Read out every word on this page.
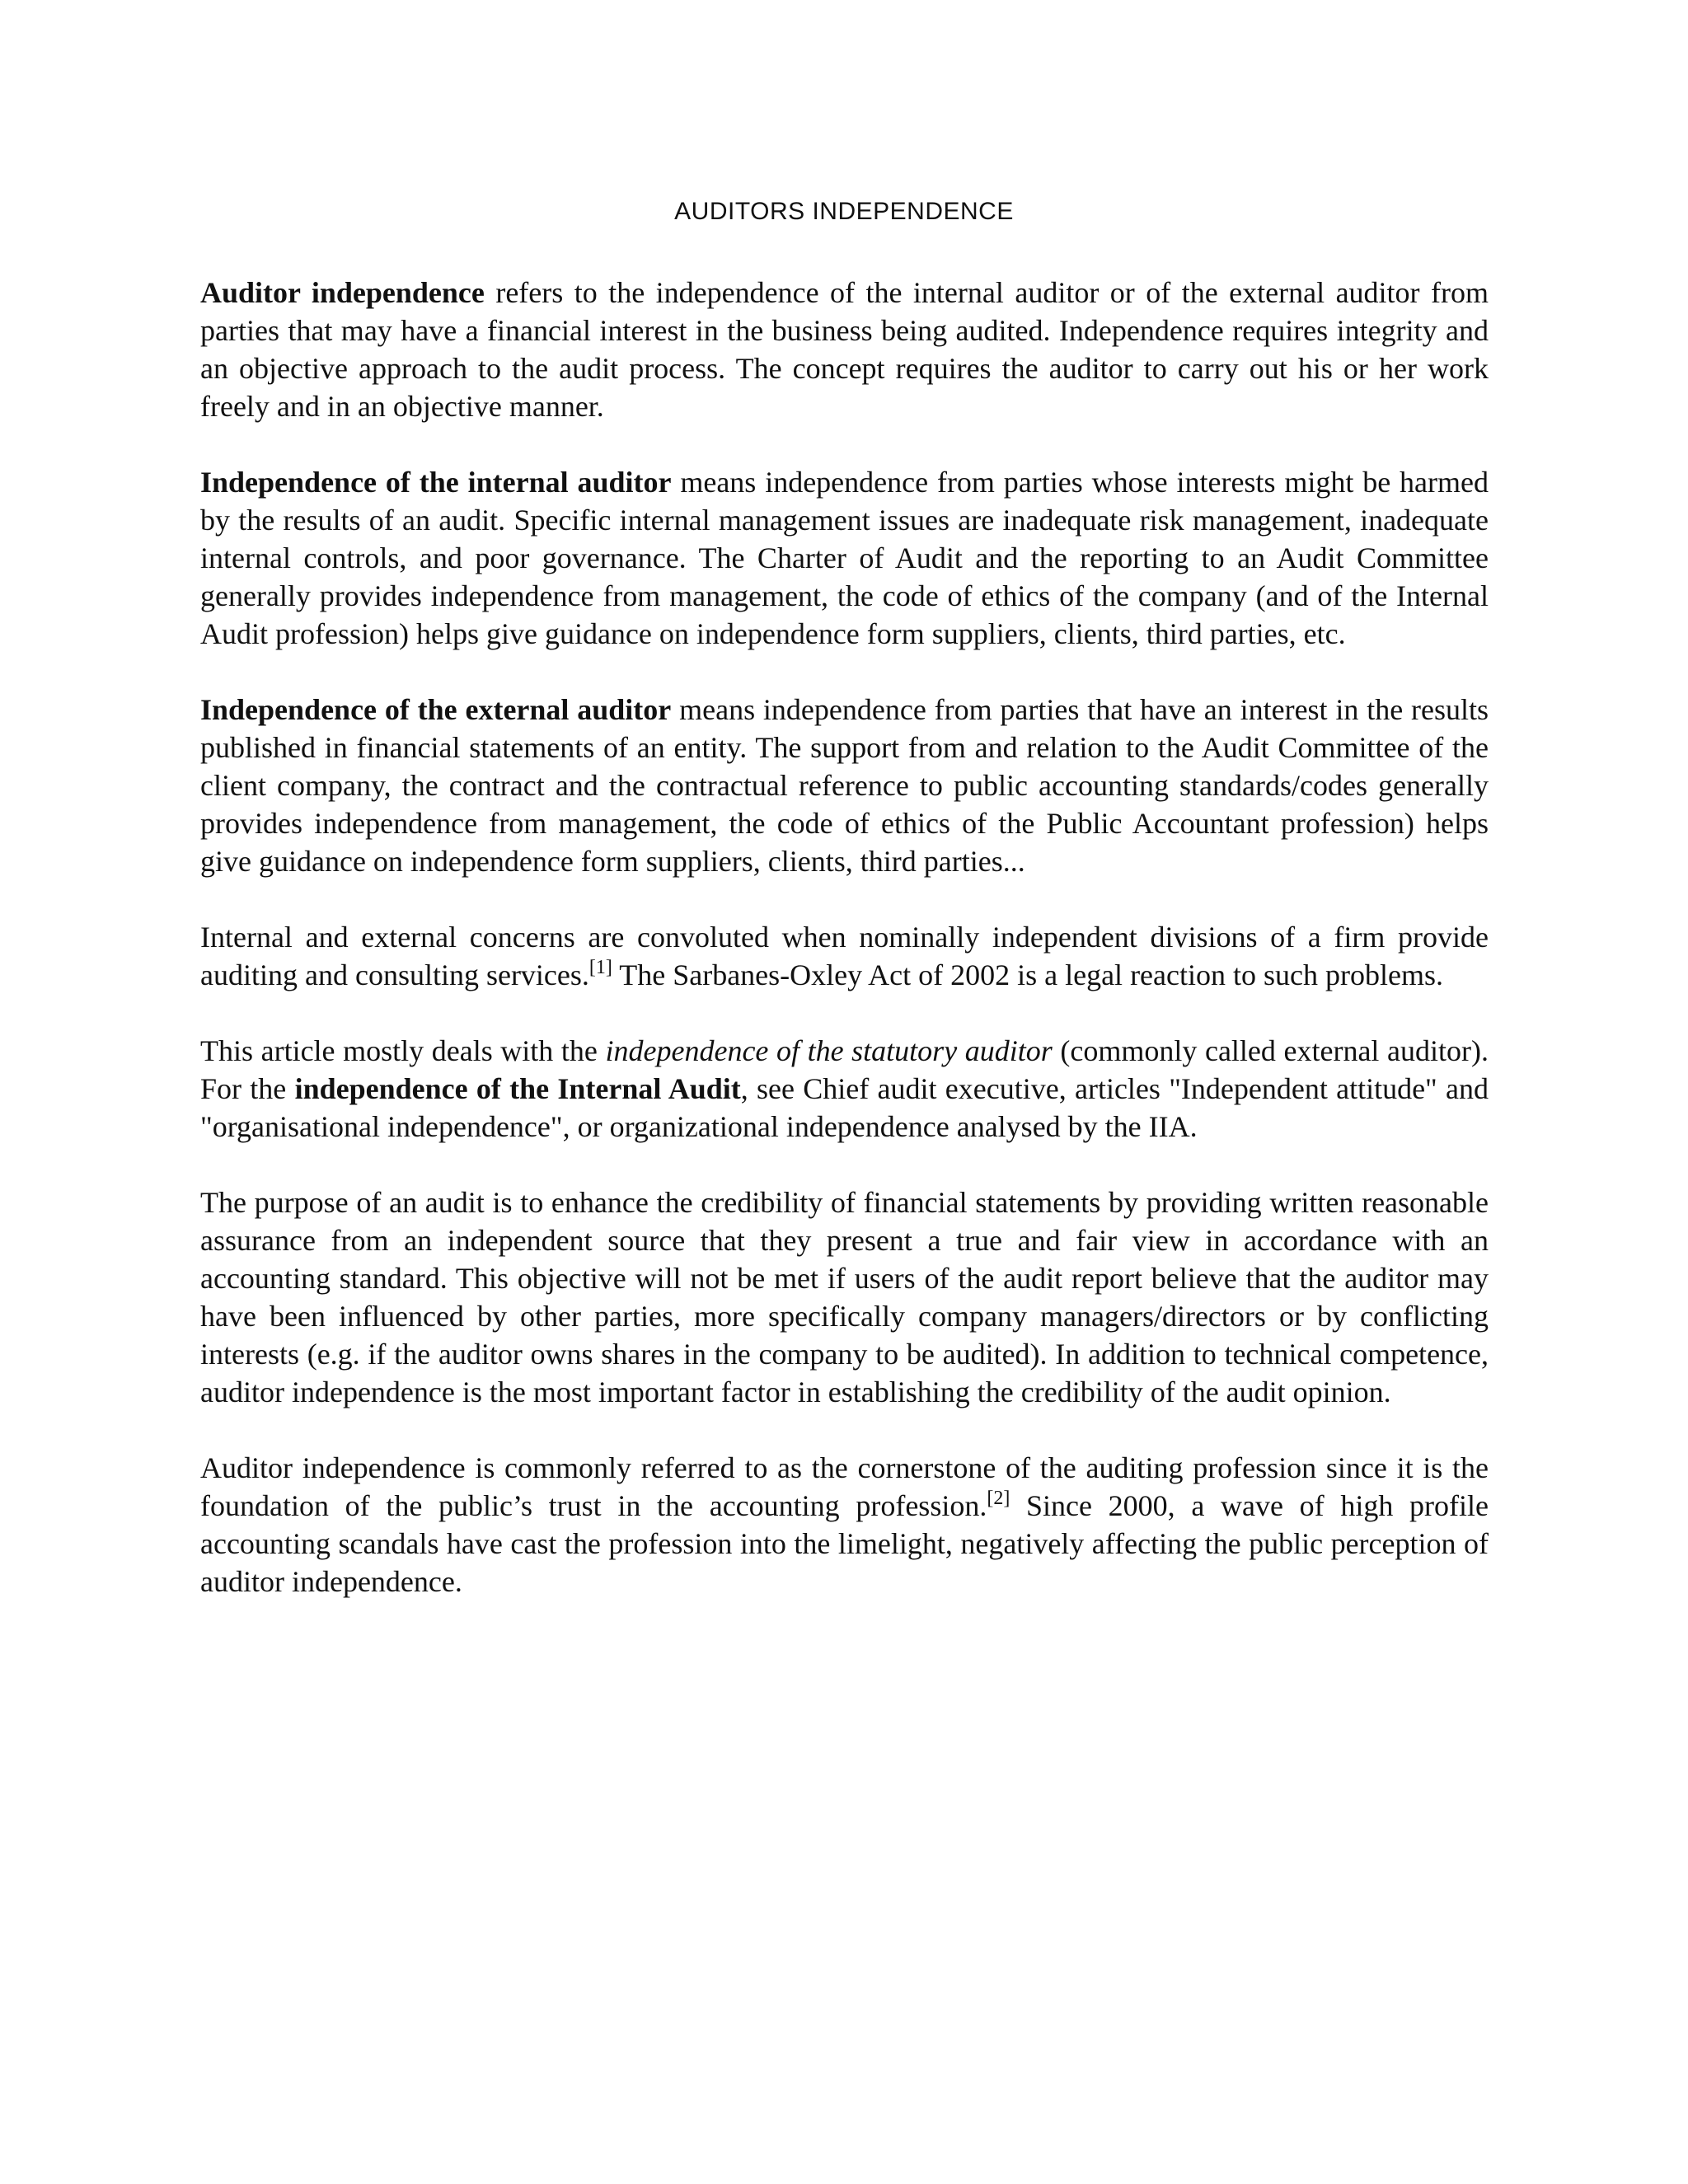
AUDITORS INDEPENDENCE

Auditor independence refers to the independence of the internal auditor or of the external auditor from parties that may have a financial interest in the business being audited. Independence requires integrity and an objective approach to the audit process. The concept requires the auditor to carry out his or her work freely and in an objective manner.

Independence of the internal auditor means independence from parties whose interests might be harmed by the results of an audit. Specific internal management issues are inadequate risk management, inadequate internal controls, and poor governance. The Charter of Audit and the reporting to an Audit Committee generally provides independence from management, the code of ethics of the company (and of the Internal Audit profession) helps give guidance on independence form suppliers, clients, third parties, etc.

Independence of the external auditor means independence from parties that have an interest in the results published in financial statements of an entity. The support from and relation to the Audit Committee of the client company, the contract and the contractual reference to public accounting standards/codes generally provides independence from management, the code of ethics of the Public Accountant profession) helps give guidance on independence form suppliers, clients, third parties...

Internal and external concerns are convoluted when nominally independent divisions of a firm provide auditing and consulting services.[1] The Sarbanes-Oxley Act of 2002 is a legal reaction to such problems.

This article mostly deals with the independence of the statutory auditor (commonly called external auditor). For the independence of the Internal Audit, see Chief audit executive, articles "Independent attitude" and "organisational independence", or organizational independence analysed by the IIA.

The purpose of an audit is to enhance the credibility of financial statements by providing written reasonable assurance from an independent source that they present a true and fair view in accordance with an accounting standard. This objective will not be met if users of the audit report believe that the auditor may have been influenced by other parties, more specifically company managers/directors or by conflicting interests (e.g. if the auditor owns shares in the company to be audited). In addition to technical competence, auditor independence is the most important factor in establishing the credibility of the audit opinion.

Auditor independence is commonly referred to as the cornerstone of the auditing profession since it is the foundation of the public’s trust in the accounting profession.[2] Since 2000, a wave of high profile accounting scandals have cast the profession into the limelight, negatively affecting the public perception of auditor independence.
